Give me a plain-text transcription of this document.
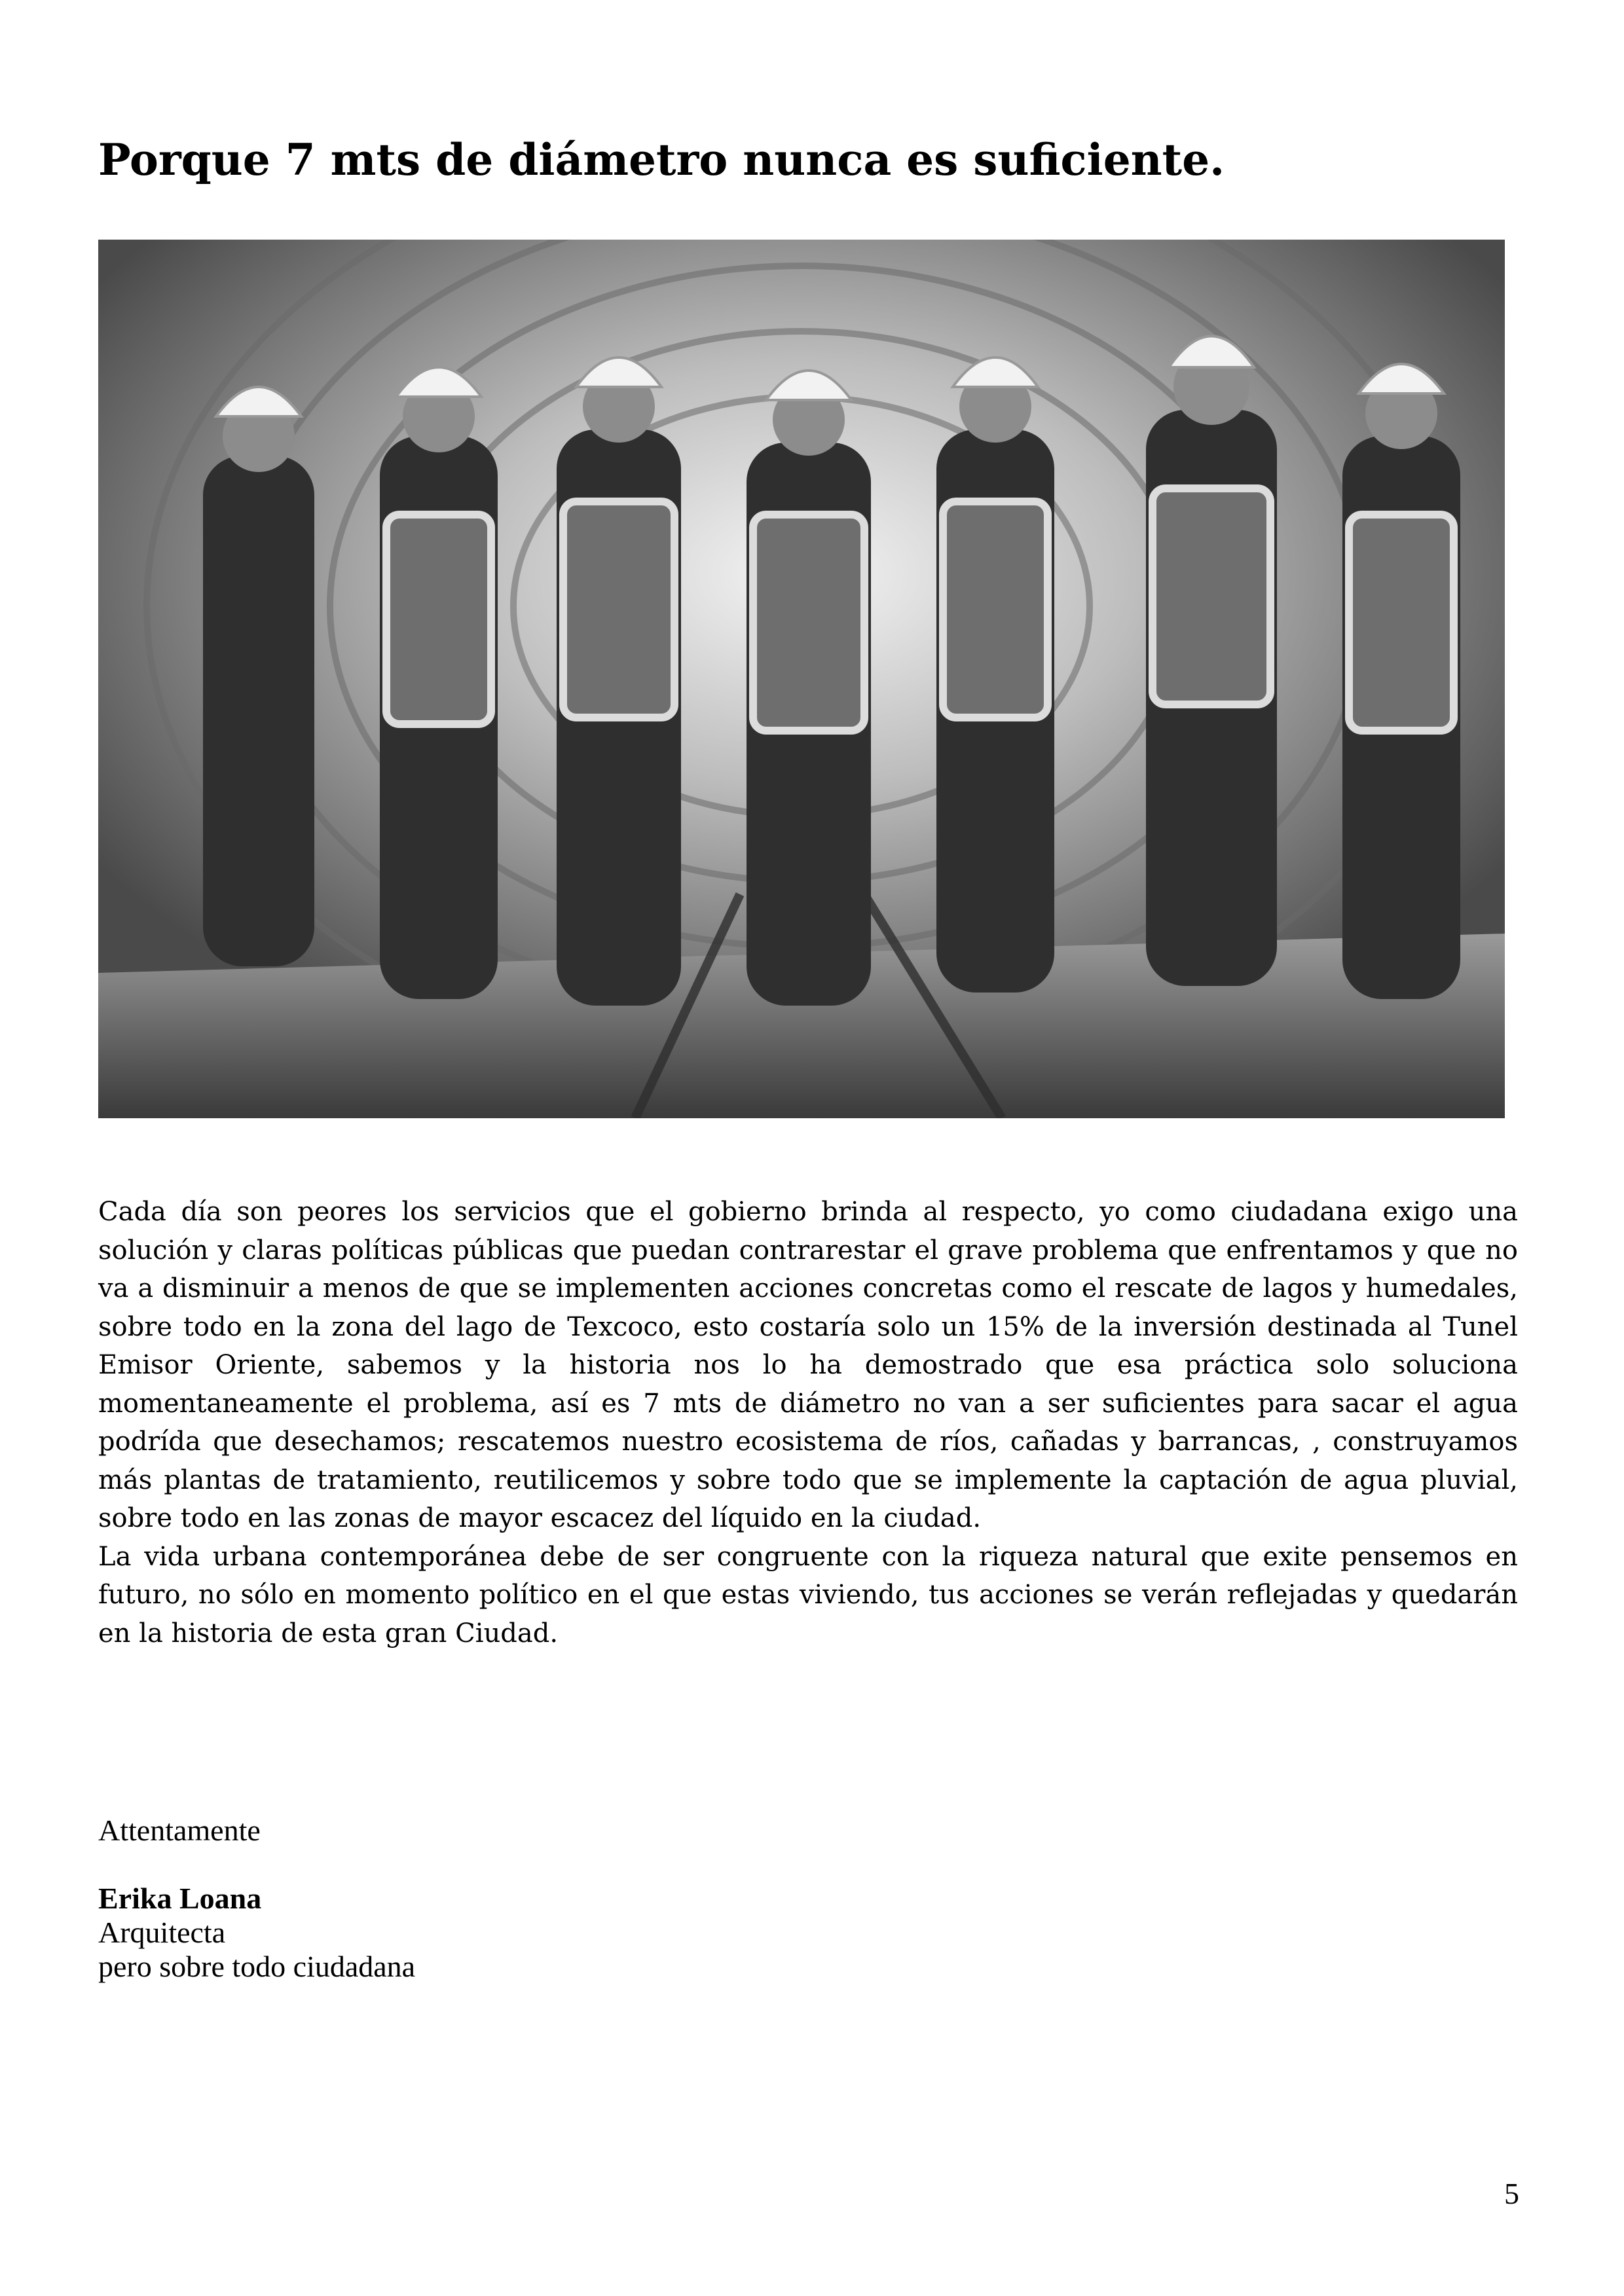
Porque 7 mts de diámetro nunca es suficiente.

Cada día son peores los servicios que el gobierno brinda al respecto, yo como ciudadana exigo una solución y claras políticas públicas que puedan contrarestar el grave problema que enfrentamos y que no va a disminuir a menos de que se implementen acciones concretas como el rescate de lagos y humedales, sobre todo en la zona del lago de Texcoco, esto costaría solo un 15% de la inversión destinada al Tunel Emisor Oriente, sabemos y la historia nos lo ha demostrado que esa práctica solo soluciona momentaneamente el problema, así es 7 mts de diámetro no van a ser suficientes para sacar el agua podrída que desechamos; rescatemos nuestro ecosistema de ríos, cañadas y barrancas, , construyamos más plantas de tratamiento, reutilicemos y sobre todo que se implemente la captación de agua pluvial, sobre todo en las zonas de mayor escacez del líquido en la ciudad.

La vida urbana contemporánea debe de ser congruente con la riqueza natural que exite pensemos en futuro, no sólo en momento político en el que estas viviendo, tus acciones se verán reflejadas y quedarán en la historia de esta gran Ciudad.

Attentamente
Erika Loana
Arquitecta
pero sobre todo ciudadana
5
